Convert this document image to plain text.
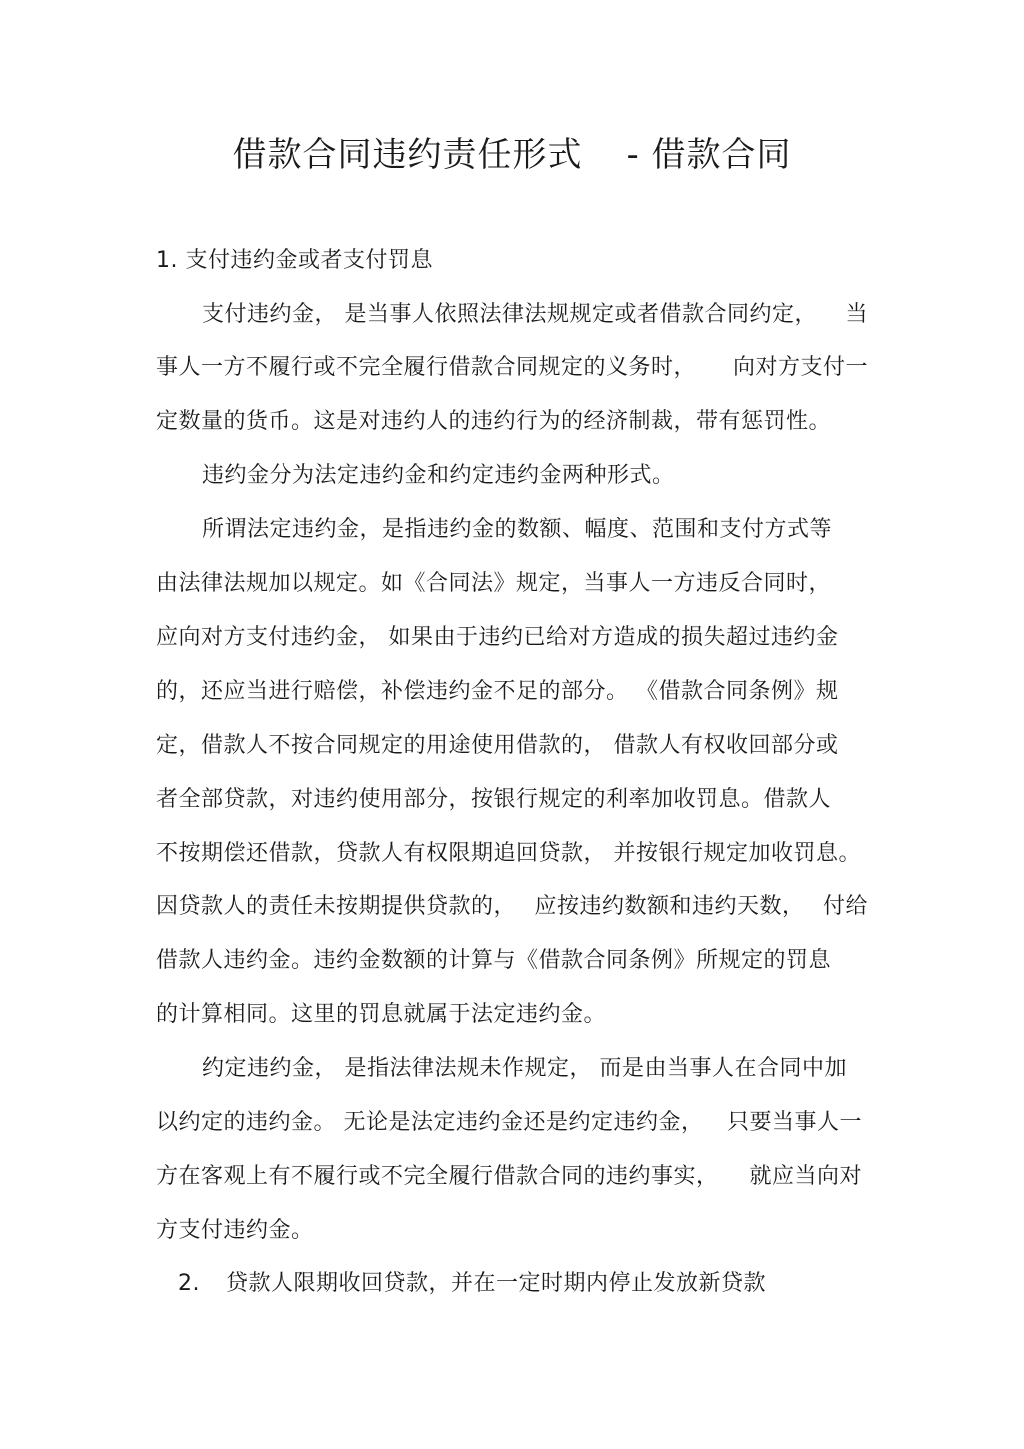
借款合同违约责任形式 - 借款合同
1. 支付违约金或者支付罚息
支付违约金， 是当事人依照法律法规规定或者借款合同约定， 当
事人一方不履行或不完全履行借款合同规定的义务时， 向对方支付一
定数量的货币。这是对违约人的违约行为的经济制裁，带有惩罚性。
违约金分为法定违约金和约定违约金两种形式。
所谓法定违约金，是指违约金的数额、幅度、范围和支付方式等
由法律法规加以规定。如《合同法》规定，当事人一方违反合同时，
应向对方支付违约金， 如果由于违约已给对方造成的损失超过违约金
的，还应当进行赔偿，补偿违约金不足的部分。 《借款合同条例》规
定，借款人不按合同规定的用途使用借款的， 借款人有权收回部分或
者全部贷款，对违约使用部分，按银行规定的利率加收罚息。借款人
不按期偿还借款，贷款人有权限期追回贷款， 并按银行规定加收罚息。
因贷款人的责任未按期提供贷款的， 应按违约数额和违约天数， 付给
借款人违约金。违约金数额的计算与《借款合同条例》所规定的罚息
的计算相同。这里的罚息就属于法定违约金。
约定违约金， 是指法律法规未作规定， 而是由当事人在合同中加
以约定的违约金。 无论是法定违约金还是约定违约金， 只要当事人一
方在客观上有不履行或不完全履行借款合同的违约事实， 就应当向对
方支付违约金。
2. 贷款人限期收回贷款，并在一定时期内停止发放新贷款
